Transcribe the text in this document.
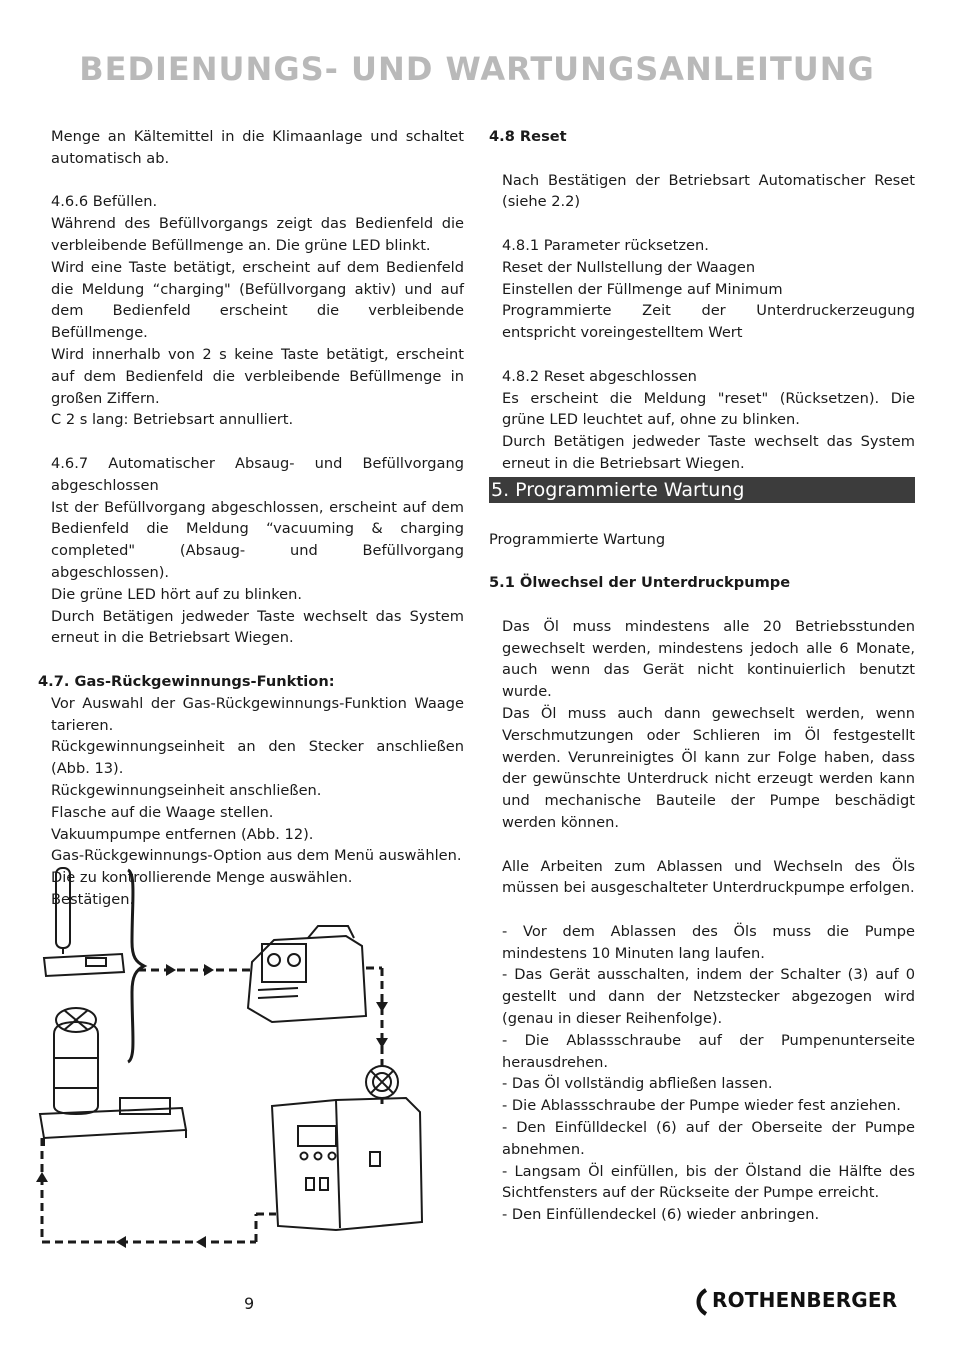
BEDIENUNGS- UND WARTUNGSANLEITUNG

Menge an Kältemittel in die Klimaanlage und schaltet automatisch ab.

4.6.6 Befüllen.

Während des Befüllvorgangs zeigt das Bedienfeld die verbleibende Befüllmenge an. Die grüne LED blinkt.

Wird eine Taste betätigt, erscheint auf dem Bedienfeld die Meldung “charging" (Befüllvorgang aktiv) und auf dem Bedienfeld erscheint die verbleibende Befüllmenge.

Wird innerhalb von 2 s keine Taste betätigt, erscheint auf dem Bedienfeld die verbleibende Befüllmenge in großen Ziffern.

C 2 s lang: Betriebsart annulliert.

4.6.7 Automatischer Absaug- und Befüllvorgang abgeschlossen

Ist der Befüllvorgang abgeschlossen, erscheint auf dem Bedienfeld die Meldung “vacuuming & charging completed" (Absaug- und Befüllvorgang abgeschlossen).

Die grüne LED hört auf zu blinken.

Durch Betätigen jedweder Taste wechselt das System erneut in die Betriebsart Wiegen.

4.7. Gas-Rückgewinnungs-Funktion:

Vor Auswahl der Gas-Rückgewinnungs-Funktion Waage tarieren.

Rückgewinnungseinheit an den Stecker anschließen (Abb. 13).

Rückgewinnungseinheit anschließen.

Flasche auf die Waage stellen.

Vakuumpumpe entfernen (Abb. 12).

Gas-Rückgewinnungs-Option aus dem Menü auswählen.

Die zu kontrollierende Menge auswählen.

Bestätigen.

4.8 Reset

Nach Bestätigen der Betriebsart Automatischer Reset (siehe 2.2)

4.8.1 Parameter rücksetzen.

Reset der Nullstellung der Waagen

Einstellen der Füllmenge auf Minimum

Programmierte Zeit der Unterdruckerzeugung entspricht voreingestelltem Wert

4.8.2 Reset abgeschlossen

Es erscheint die Meldung "reset" (Rücksetzen). Die grüne LED leuchtet auf, ohne zu blinken.

Durch Betätigen jedweder Taste wechselt das System erneut in die Betriebsart Wiegen.

5. Programmierte Wartung

Programmierte Wartung

5.1 Ölwechsel der Unterdruckpumpe

Das Öl muss mindestens alle 20 Betriebsstunden gewechselt werden, mindestens jedoch alle 6 Monate, auch wenn das Gerät nicht kontinuierlich benutzt wurde.

Das Öl muss auch dann gewechselt werden, wenn Verschmutzungen oder Schlieren im Öl festgestellt werden. Verunreinigtes Öl kann zur Folge haben, dass der gewünschte Unterdruck nicht erzeugt werden kann und mechanische Bauteile der Pumpe beschädigt werden können.

Alle Arbeiten zum Ablassen und Wechseln des Öls müssen bei ausgeschalteter Unterdruckpumpe erfolgen.

- Vor dem Ablassen des Öls muss die Pumpe mindestens 10 Minuten lang laufen.

- Das Gerät ausschalten, indem der Schalter (3) auf 0 gestellt und dann der Netzstecker abgezogen wird (genau in dieser Reihenfolge).

- Die Ablassschraube auf der Pumpenunterseite herausdrehen.

- Das Öl vollständig abfließen lassen.

- Die Ablassschraube der Pumpe wieder fest anziehen.

- Den Einfülldeckel (6) auf der Oberseite der Pumpe abnehmen.

- Langsam Öl einfüllen, bis der Ölstand die Hälfte des Sichtfensters auf der Rückseite der Pumpe erreicht.

- Den Einfüllendeckel (6) wieder anbringen.

9	ROTHENBERGER
